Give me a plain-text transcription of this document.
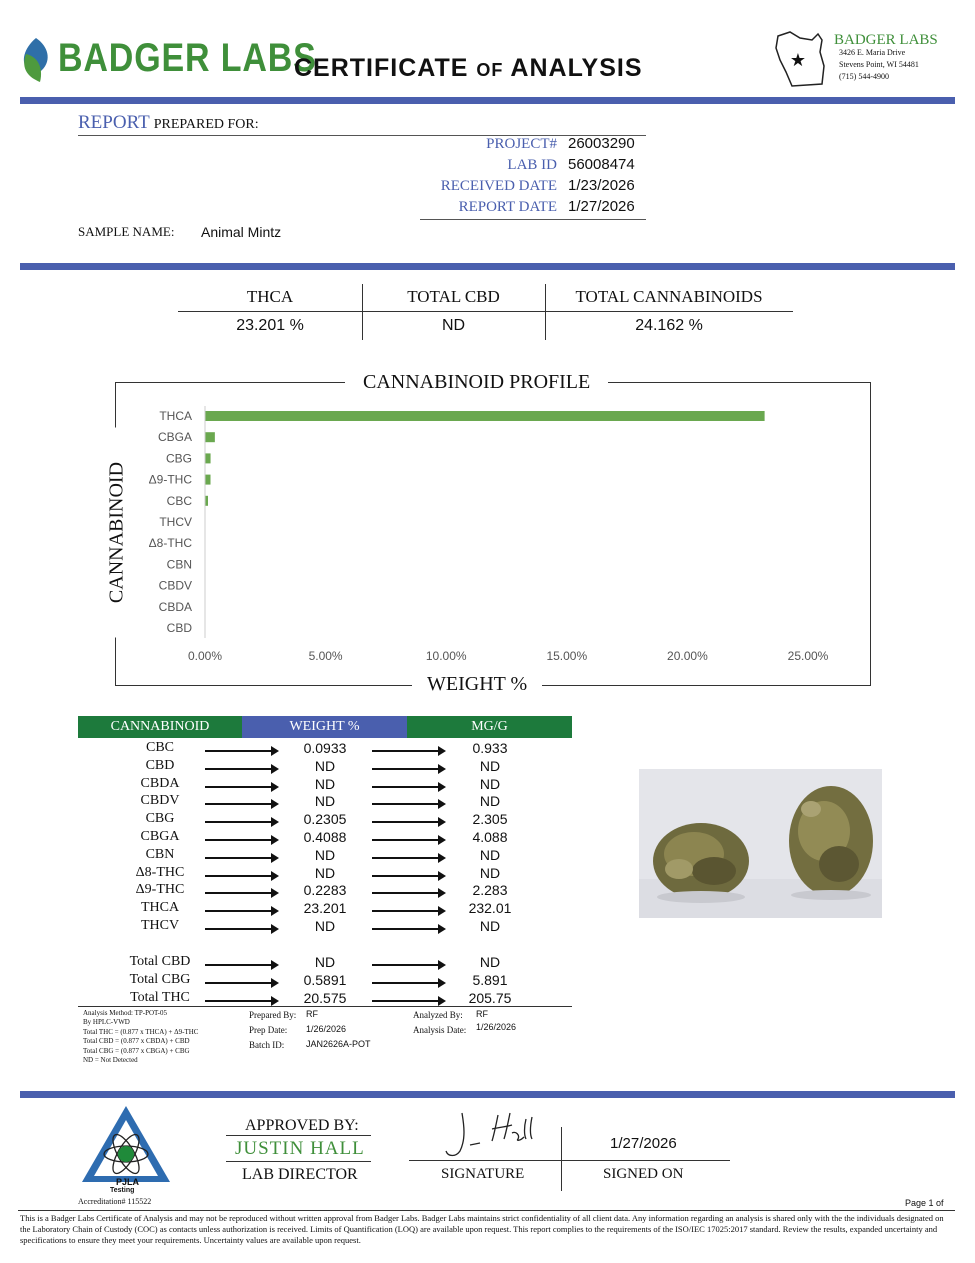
BADGER LABS
CERTIFICATE OF ANALYSIS	★
BADGER LABS
3426 E. Maria Drive
Stevens Point, WI 54481
(715) 544-4900
REPORT PREPARED FOR:
PROJECT# 26003290
LAB ID 56008474
RECEIVED DATE 1/23/2026
REPORT DATE 1/27/2026
SAMPLE NAME: Animal Mintz
THCA
23.201 %
TOTAL CBD
ND
TOTAL CANNABINOIDS
24.162 %
CANNABINOID PROFILE
WEIGHT %
CANNABINOID
THCA
CBGA
CBG
Δ9-THC
CBC
THCV
Δ8-THC
CBN
CBDV
CBDA
CBD
0.00%	5.00%	10.00%	15.00%	20.00%	25.00%
CANNABINOID	WEIGHT %	MG/G
CBC	0.0933	0.933
CBD	ND	ND
CBDA	ND	ND
CBDV	ND	ND
CBG	0.2305	2.305
CBGA	0.4088	4.088
CBN	ND	ND
Δ8-THC	ND	ND
Δ9-THC	0.2283	2.283
THCA	23.201	232.01
THCV	ND	ND
Total CBD	ND	ND
Total CBG	0.5891	5.891
Total THC	20.575	205.75
Analysis Method: TP-POT-05
By HPLC-VWD
Total THC = (0.877 x THCA) + Δ9-THC
Total CBD = (0.877 x CBDA) + CBD
Total CBG = (0.877 x CBGA) + CBG
ND = Not Detected
Prepared By: RF
Prep Date: 1/26/2026
Batch ID: JAN2626A-POT
Analyzed By: RF
Analysis Date: 1/26/2026
PJLA
Testing
Accreditation# 115522
APPROVED BY:
JUSTIN HALL
LAB DIRECTOR
1/27/2026
SIGNATURE	SIGNED ON
Page 1 of
This is a Badger Labs Certificate of Analysis and may not be reproduced without written approval from Badger Labs. Badger Labs maintains strict confidentiality of all client data. Any information regarding an analysis is shared only with the the individuals designated on the Laboratory Chain of Custody (COC) as contacts unless authorization is received. Limits of Quantification (LOQ) are available upon request. This report complies to the requirements of the ISO/IEC 17025:2017 standard. Review the results, expanded uncertainty and specifications to ensure they meet your requirements. Uncertainty values are available upon request.
